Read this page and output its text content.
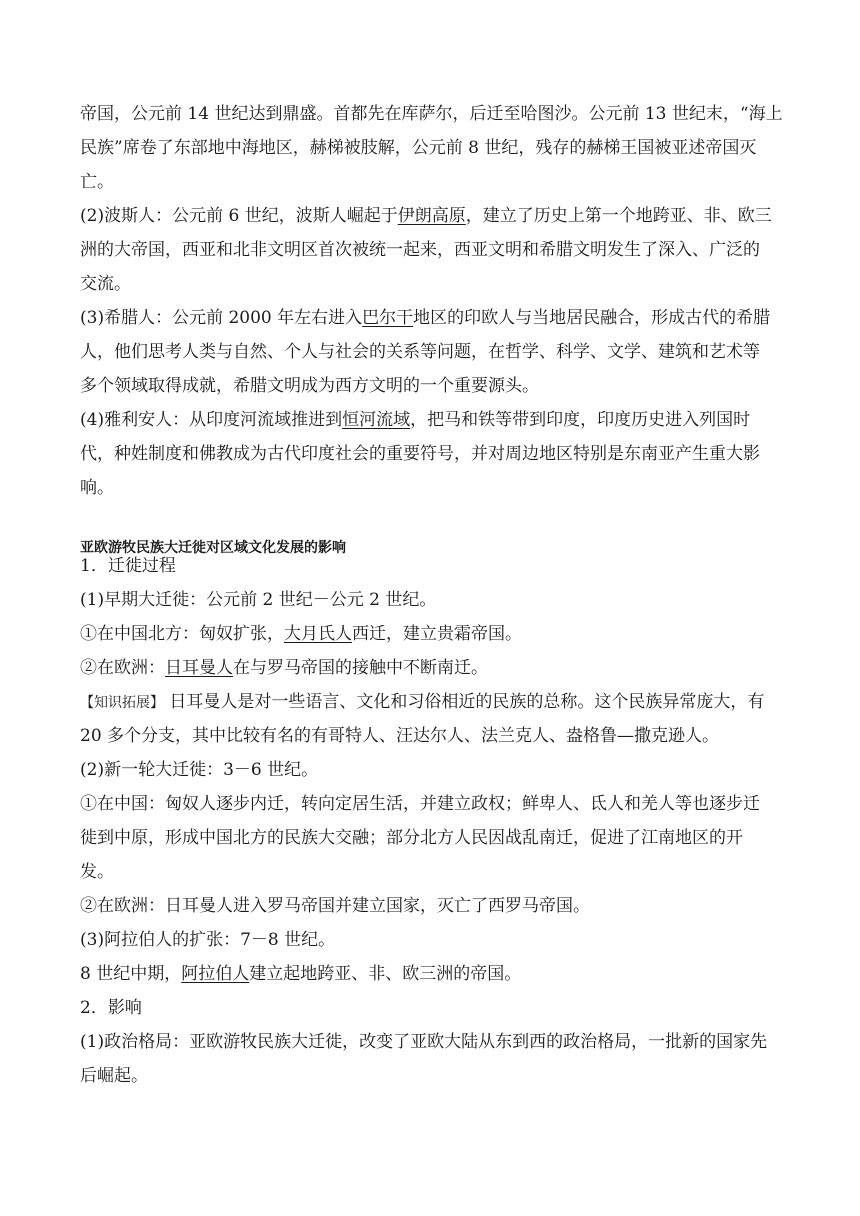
帝国，公元前 14 世纪达到鼎盛。首都先在库萨尔，后迁至哈图沙。公元前 13 世纪末，“海上
民族”席卷了东部地中海地区，赫梯被肢解，公元前 8 世纪，残存的赫梯王国被亚述帝国灭
亡。
(2)波斯人：公元前 6 世纪，波斯人崛起于伊朗高原，建立了历史上第一个地跨亚、非、欧三
洲的大帝国，西亚和北非文明区首次被统一起来，西亚文明和希腊文明发生了深入、广泛的
交流。
(3)希腊人：公元前 2000 年左右进入巴尔干地区的印欧人与当地居民融合，形成古代的希腊
人，他们思考人类与自然、个人与社会的关系等问题，在哲学、科学、文学、建筑和艺术等
多个领域取得成就，希腊文明成为西方文明的一个重要源头。
(4)雅利安人：从印度河流域推进到恒河流域，把马和铁等带到印度，印度历史进入列国时
代，种姓制度和佛教成为古代印度社会的重要符号，并对周边地区特别是东南亚产生重大影
响。
亚欧游牧民族大迁徙对区域文化发展的影响
1．迁徙过程
(1)早期大迁徙：公元前 2 世纪－公元 2 世纪。
①在中国北方：匈奴扩张，大月氏人西迁，建立贵霜帝国。
②在欧洲：日耳曼人在与罗马帝国的接触中不断南迁。
【知识拓展】 日耳曼人是对一些语言、文化和习俗相近的民族的总称。这个民族异常庞大，有
20 多个分支，其中比较有名的有哥特人、汪达尔人、法兰克人、盎格鲁—撒克逊人。
(2)新一轮大迁徙：3－6 世纪。
①在中国：匈奴人逐步内迁，转向定居生活，并建立政权；鲜卑人、氐人和羌人等也逐步迁
徙到中原，形成中国北方的民族大交融；部分北方人民因战乱南迁，促进了江南地区的开
发。
②在欧洲：日耳曼人进入罗马帝国并建立国家，灭亡了西罗马帝国。
(3)阿拉伯人的扩张：7－8 世纪。
8 世纪中期，阿拉伯人建立起地跨亚、非、欧三洲的帝国。
2．影响
(1)政治格局：亚欧游牧民族大迁徙，改变了亚欧大陆从东到西的政治格局，一批新的国家先
后崛起。
